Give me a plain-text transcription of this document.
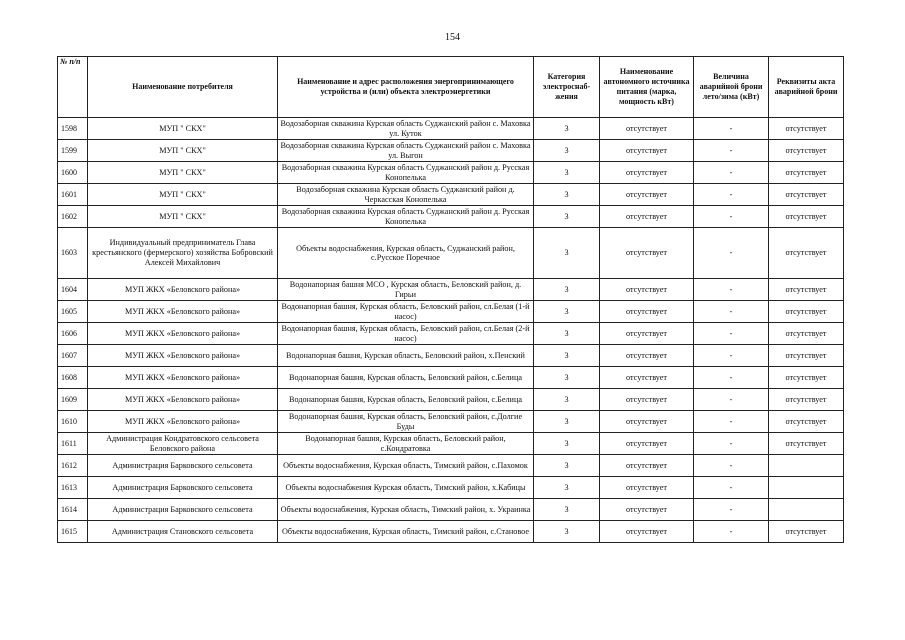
154
№ п/п	Наименование потребителя	Наименование и адрес расположения энергопринимающего устройства и (или) объекта электроэнергетики	Категория электроснаб-жения	Наименование автономного источника питания (марка, мощность кВт)	Величина аварийной брони лето/зима (кВт)	Реквизиты акта аварийной брони
1598	МУП " СКХ"	Водозаборная скважина Курская область Суджанский район с. Маховка ул. Куток	3	отсутствует	-	отсутствует
1599	МУП " СКХ"	Водозаборная скважина Курская область Суджанский район с. Маховка ул. Выгон	3	отсутствует	-	отсутствует
1600	МУП " СКХ"	Водозаборная скважина Курская область Суджанский район д. Русская Конопелька	3	отсутствует	-	отсутствует
1601	МУП " СКХ"	Водозаборная скважина Курская область Суджанский район д. Черкасская Конопелька	3	отсутствует	-	отсутствует
1602	МУП " СКХ"	Водозаборная скважина Курская область Суджанский район д. Русская Конопелька	3	отсутствует	-	отсутствует
1603	Индивидуальный предприниматель Глава крестьянского (фермерского) хозяйства Бобровский Алексей Михайлович	Объекты водоснабжения, Курская область, Суджанский район, с.Русское Поречное	3	отсутствует	-	отсутствует
1604	МУП ЖКХ «Беловского района»	Водонапорная башня МСО , Курская область, Беловский район, д. Гирьи	3	отсутствует	-	отсутствует
1605	МУП ЖКХ «Беловского района»	Водонапорная башня, Курская область, Беловский район, сл.Белая (1-й насос)	3	отсутствует	-	отсутствует
1606	МУП ЖКХ «Беловского района»	Водонапорная башня, Курская область, Беловский район, сл.Белая (2-й насос)	3	отсутствует	-	отсутствует
1607	МУП ЖКХ «Беловского района»	Водонапорная башня, Курская область, Беловский район, х.Пенский	3	отсутствует	-	отсутствует
1608	МУП ЖКХ «Беловского района»	Водонапорная башня, Курская область, Беловский район, с.Белица	3	отсутствует	-	отсутствует
1609	МУП ЖКХ «Беловского района»	Водонапорная башня, Курская область, Беловский район, с.Белица	3	отсутствует	-	отсутствует
1610	МУП ЖКХ «Беловского района»	Водонапорная башня, Курская область, Беловский район, с.Долгие Буды	3	отсутствует	-	отсутствует
1611	Администрация Кондратовского сельсовета Беловского района	Водонапорная башня, Курская область, Беловский район, с.Кондратовка	3	отсутствует	-	отсутствует
1612	Администрация Барковского сельсовета	Объекты водоснабжения, Курская область, Тимский район, с.Пахомок	3	отсутствует	-	
1613	Администрация Барковского сельсовета	Объекты водоснабжения Курская область, Тимский район, х.Кабицы	3	отсутствует	-	
1614	Администрация Барковского сельсовета	Объекты водоснабжения, Курская область, Тимский район, х. Украинка	3	отсутствует	-	
1615	Администрация Становского сельсовета	Объекты водоснабжения, Курская область, Тимский район, с.Становое	3	отсутствует	-	отсутствует
